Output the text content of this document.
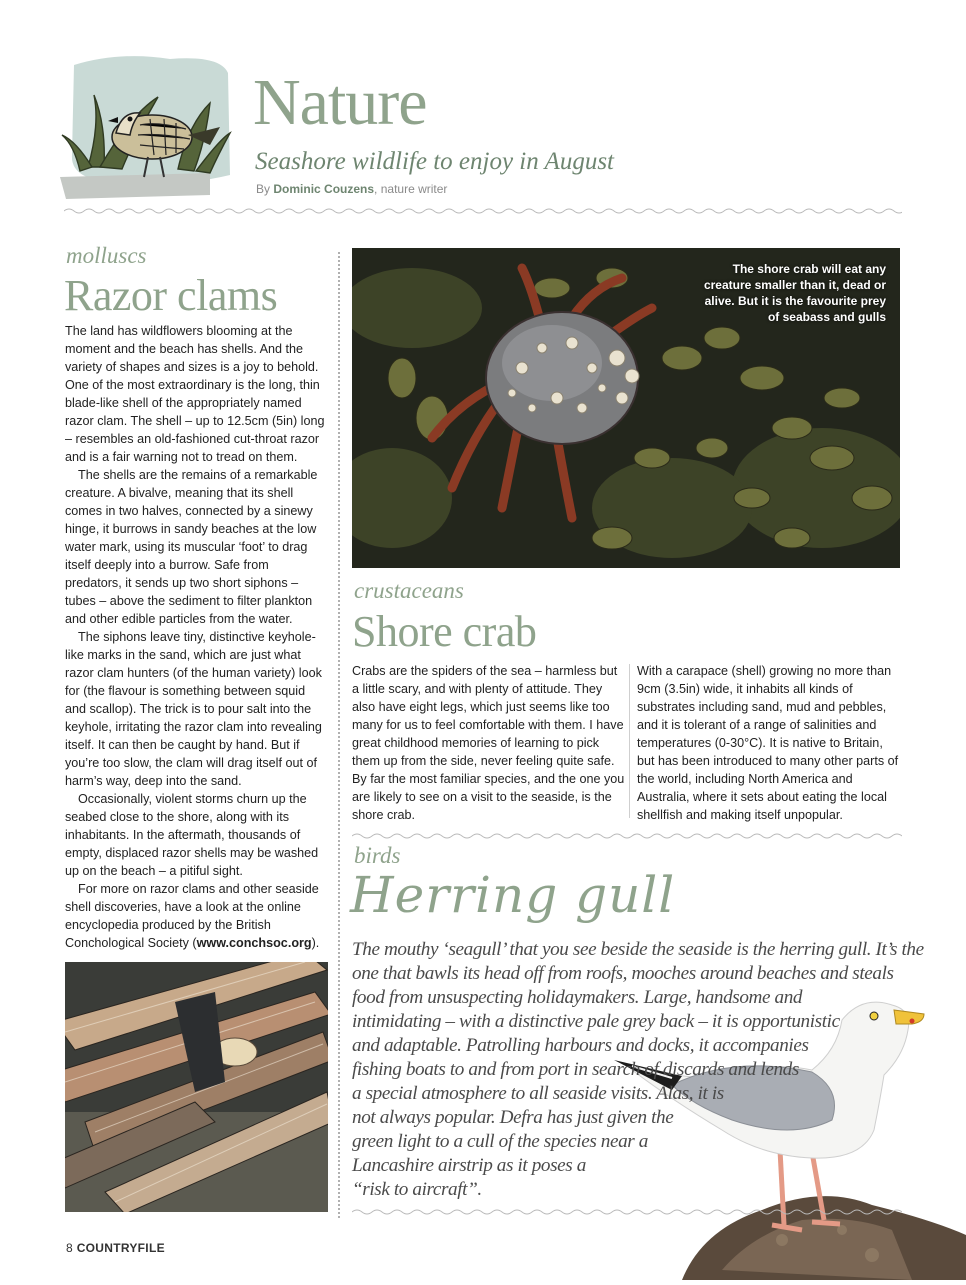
Nature
Seashore wildlife to enjoy in August
By Dominic Couzens, nature writer
molluscs
Razor clams

The land has wildflowers blooming at the moment and the beach has shells. And the variety of shapes and sizes is a joy to behold. One of the most extraordinary is the long, thin blade-like shell of the appropriately named razor clam. The shell – up to 12.5cm (5in) long – resembles an old-fashioned cut-throat razor and is a fair warning not to tread on them.

The shells are the remains of a remarkable creature. A bivalve, meaning that its shell comes in two halves, connected by a sinewy hinge, it burrows in sandy beaches at the low water mark, using its muscular ‘foot’ to drag itself deeply into a burrow. Safe from predators, it sends up two short siphons – tubes – above the sediment to filter plankton and other edible particles from the water.

The siphons leave tiny, distinctive keyhole-like marks in the sand, which are just what razor clam hunters (of the human variety) look for (the flavour is something between squid and scallop). The trick is to pour salt into the keyhole, irritating the razor clam into revealing itself. It can then be caught by hand. But if you’re too slow, the clam will drag itself out of harm’s way, deep into the sand.

Occasionally, violent storms churn up the seabed close to the shore, along with its inhabitants. In the aftermath, thousands of empty, displaced razor shells may be washed up on the beach – a pitiful sight.

For more on razor clams and other seaside shell discoveries, have a look at the online encyclopedia produced by the British Conchological Society (www.conchsoc.org).

The shore crab will eat any creature smaller than it, dead or alive. But it is the favourite prey of seabass and gulls
crustaceans
Shore crab
Crabs are the spiders of the sea – harmless but a little scary, and with plenty of attitude. They also have eight legs, which just seems like too many for us to feel comfortable with them. I have great childhood memories of learning to pick them up from the side, never feeling quite safe. By far the most familiar species, and the one you are likely to see on a visit to the seaside, is the shore crab.
With a carapace (shell) growing no more than 9cm (3.5in) wide, it inhabits all kinds of substrates including sand, mud and pebbles, and it is tolerant of a range of salinities and temperatures (0-30°C). It is native to Britain, but has been introduced to many other parts of the world, including North America and Australia, where it sets about eating the local shellfish and making itself unpopular.
birds
Herring gull
The mouthy ‘seagull’ that you see beside the seaside is the herring gull. It’s the
one that bawls its head off from roofs, mooches around beaches and steals
food from unsuspecting holidaymakers. Large, handsome and
intimidating – with a distinctive pale grey back – it is opportunistic
and adaptable. Patrolling harbours and docks, it accompanies
fishing boats to and from port in search of discards and lends
a special atmosphere to all seaside visits. Alas, it is
not always popular. Defra has just given the
green light to a cull of the species near a
Lancashire airstrip as it poses a
“risk to aircraft”.
8 COUNTRYFILE
